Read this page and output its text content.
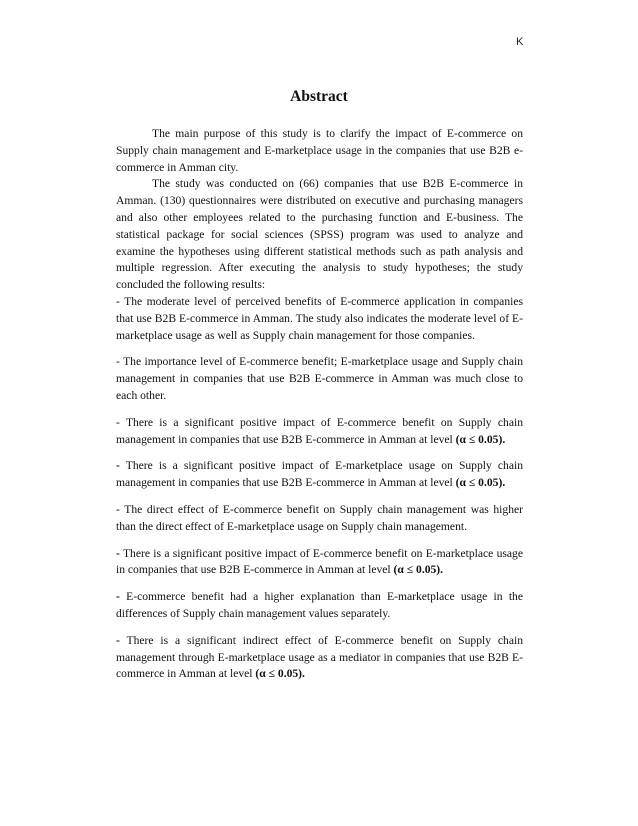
K
Abstract

The main purpose of this study is to clarify the impact of E-commerce on Supply chain management and E-marketplace usage in the companies that use B2B e-commerce in Amman city.

The study was conducted on (66) companies that use B2B E-commerce in Amman. (130) questionnaires were distributed on executive and purchasing managers and also other employees related to the purchasing function and E-business. The statistical package for social sciences (SPSS) program was used to analyze and examine the hypotheses using different statistical methods such as path analysis and multiple regression. After executing the analysis to study hypotheses; the study concluded the following results:

- The moderate level of perceived benefits of E-commerce application in companies that use B2B E-commerce in Amman. The study also indicates the moderate level of E-marketplace usage as well as Supply chain management for those companies.

- The importance level of E-commerce benefit; E-marketplace usage and Supply chain management in companies that use B2B E-commerce in Amman was much close to each other.

- There is a significant positive impact of E-commerce benefit on Supply chain management in companies that use B2B E-commerce in Amman at level (α ≤ 0.05).

- There is a significant positive impact of E-marketplace usage on Supply chain management in companies that use B2B E-commerce in Amman at level (α ≤ 0.05).

- The direct effect of E-commerce benefit on Supply chain management was higher than the direct effect of E-marketplace usage on Supply chain management.

- There is a significant positive impact of E-commerce benefit on E-marketplace usage in companies that use B2B E-commerce in Amman at level (α ≤ 0.05).

- E-commerce benefit had a higher explanation than E-marketplace usage in the differences of Supply chain management values separately.

- There is a significant indirect effect of E-commerce benefit on Supply chain management through E-marketplace usage as a mediator in companies that use B2B E-commerce in Amman at level (α ≤ 0.05).
